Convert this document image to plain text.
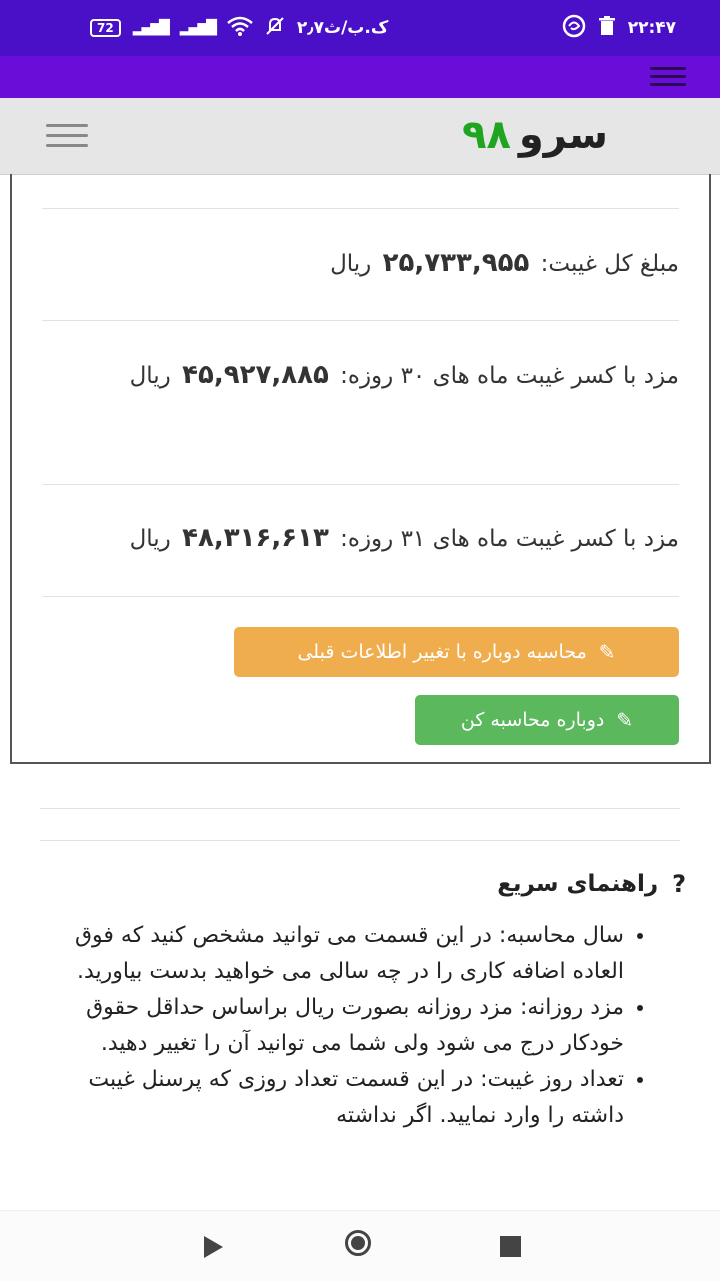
72	▂▄▆█ ▂▄▆█	۲٫۷ک.ب/ث	۲۲:۴۷
سرو۹۸
مبلغ کل غیبت: ۲۵,۷۳۳,۹۵۵ ریال
مزد با کسر غیبت ماه های ۳۰ روزه: ۴۵,۹۲۷,۸۸۵ ریال
مزد با کسر غیبت ماه های ۳۱ روزه: ۴۸,۳۱۶,۶۱۳ ریال
✎
محاسبه دوباره با تغییر اطلاعات قبلی
✎
دوباره محاسبه کن
?
راهنمای سریع
• سال محاسبه: در این قسمت می توانید مشخص کنید که فوق العاده اضافه کاری را در چه سالی می خواهید بدست بیاورید.
• مزد روزانه: مزد روزانه بصورت ریال براساس حداقل حقوق خودکار درج می شود ولی شما می توانید آن را تغییر دهید.
• تعداد روز غیبت: در این قسمت تعداد روزی که پرسنل غیبت داشته را وارد نمایید. اگر نداشته
